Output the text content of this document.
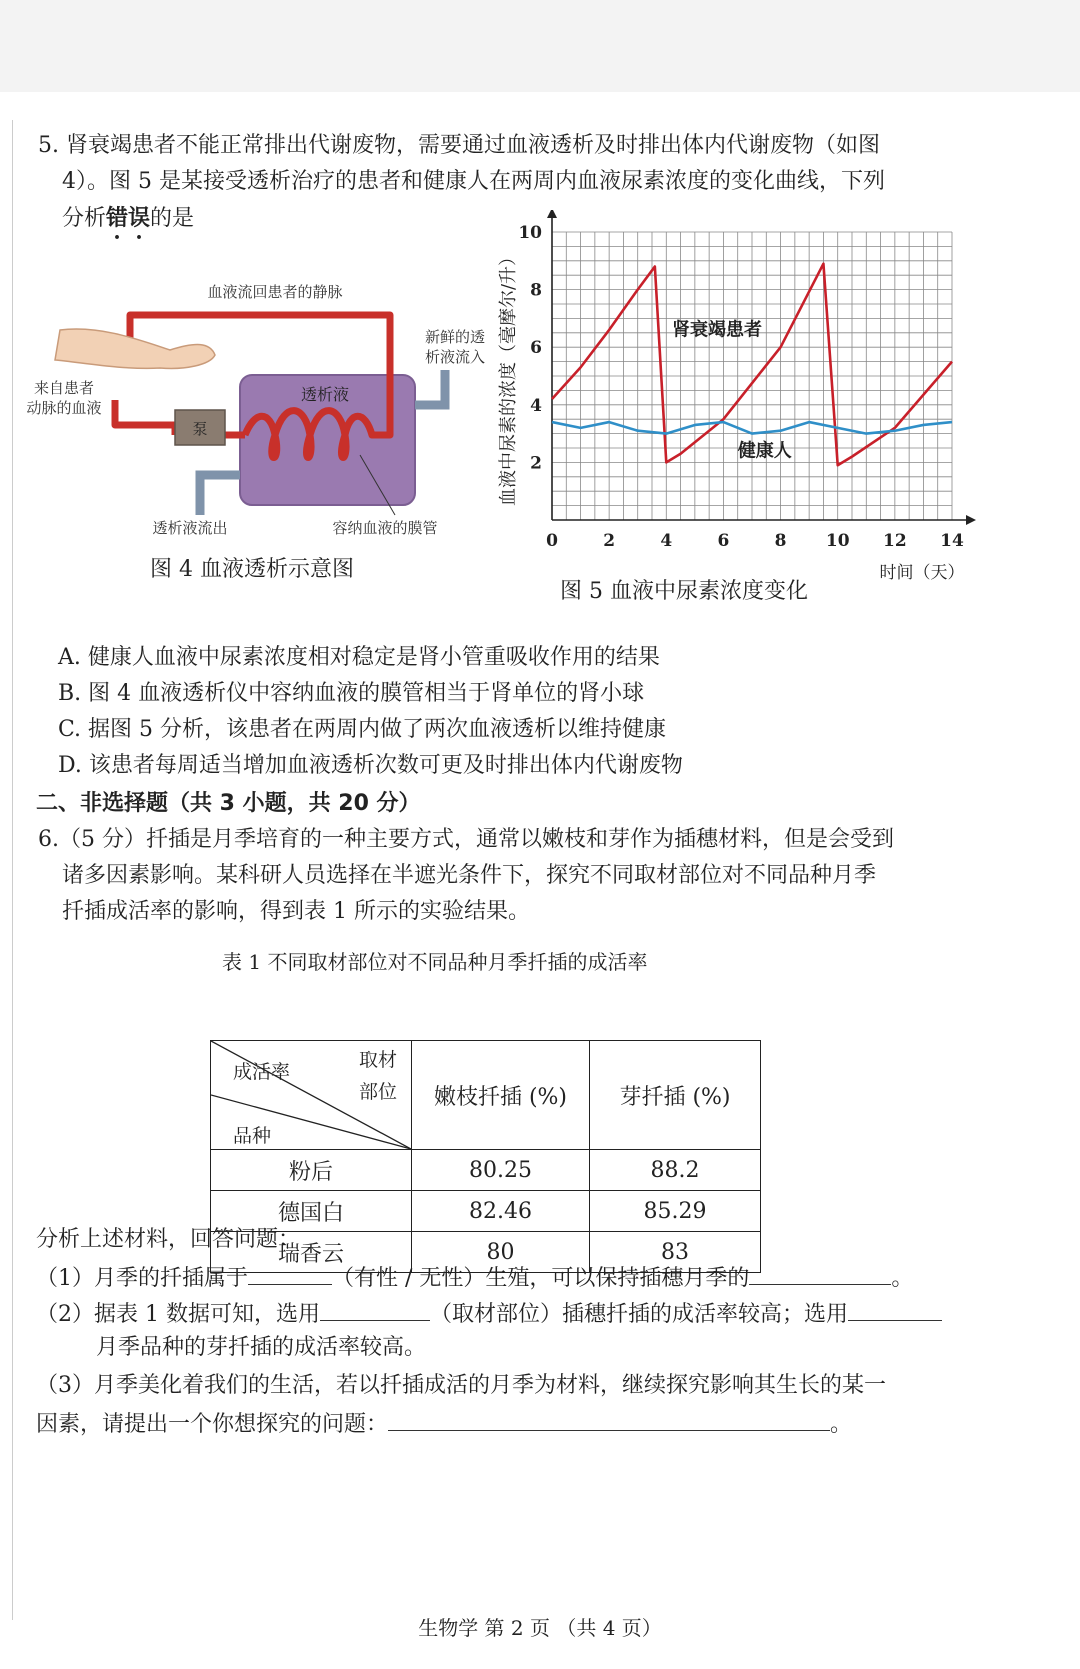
5. 肾衰竭患者不能正常排出代谢废物，需要通过血液透析及时排出体内代谢废物（如图
4）。图 5 是某接受透析治疗的患者和健康人在两周内血液尿素浓度的变化曲线，下列
分析错误的是
泵
血液流回患者的静脉
新鲜的透
析液流入
来自患者
动脉的血液
透析液
透析液流出	容纳血液的膜管
图 4 血液透析示意图
0	2	4	6	8 10 12 14
2
4
6
8
10
血液中尿素的浓度（毫摩尔/升）
时间（天）
肾衰竭患者
健康人
图 5 血液中尿素浓度变化
A. 健康人血液中尿素浓度相对稳定是肾小管重吸收作用的结果
B. 图 4 血液透析仪中容纳血液的膜管相当于肾单位的肾小球
C. 据图 5 分析，该患者在两周内做了两次血液透析以维持健康
D. 该患者每周适当增加血液透析次数可更及时排出体内代谢废物
二、非选择题（共 3 小题，共 20 分）
6.（5 分）扦插是月季培育的一种主要方式，通常以嫩枝和芽作为插穗材料，但是会受到
诸多因素影响。某科研人员选择在半遮光条件下，探究不同取材部位对不同品种月季
扦插成活率的影响，得到表 1 所示的实验结果。
表 1 不同取材部位对不同品种月季扦插的成活率
取材
部位
成活率
品种	嫩枝扦插 (%)	芽扦插 (%)
粉后	80.25	88.2
德国白	82.46	85.29
瑞香云	80	83
分析上述材料，回答问题：
（1）月季的扦插属于	（有性 / 无性）生殖，可以保持插穗月季的	。
（2）据表 1 数据可知，选用	（取材部位）插穗扦插的成活率较高；选用
月季品种的芽扦插的成活率较高。
（3）月季美化着我们的生活，若以扦插成活的月季为材料，继续探究影响其生长的某一
因素，请提出一个你想探究的问题：	。
生物学 第 2 页 （共 4 页）
